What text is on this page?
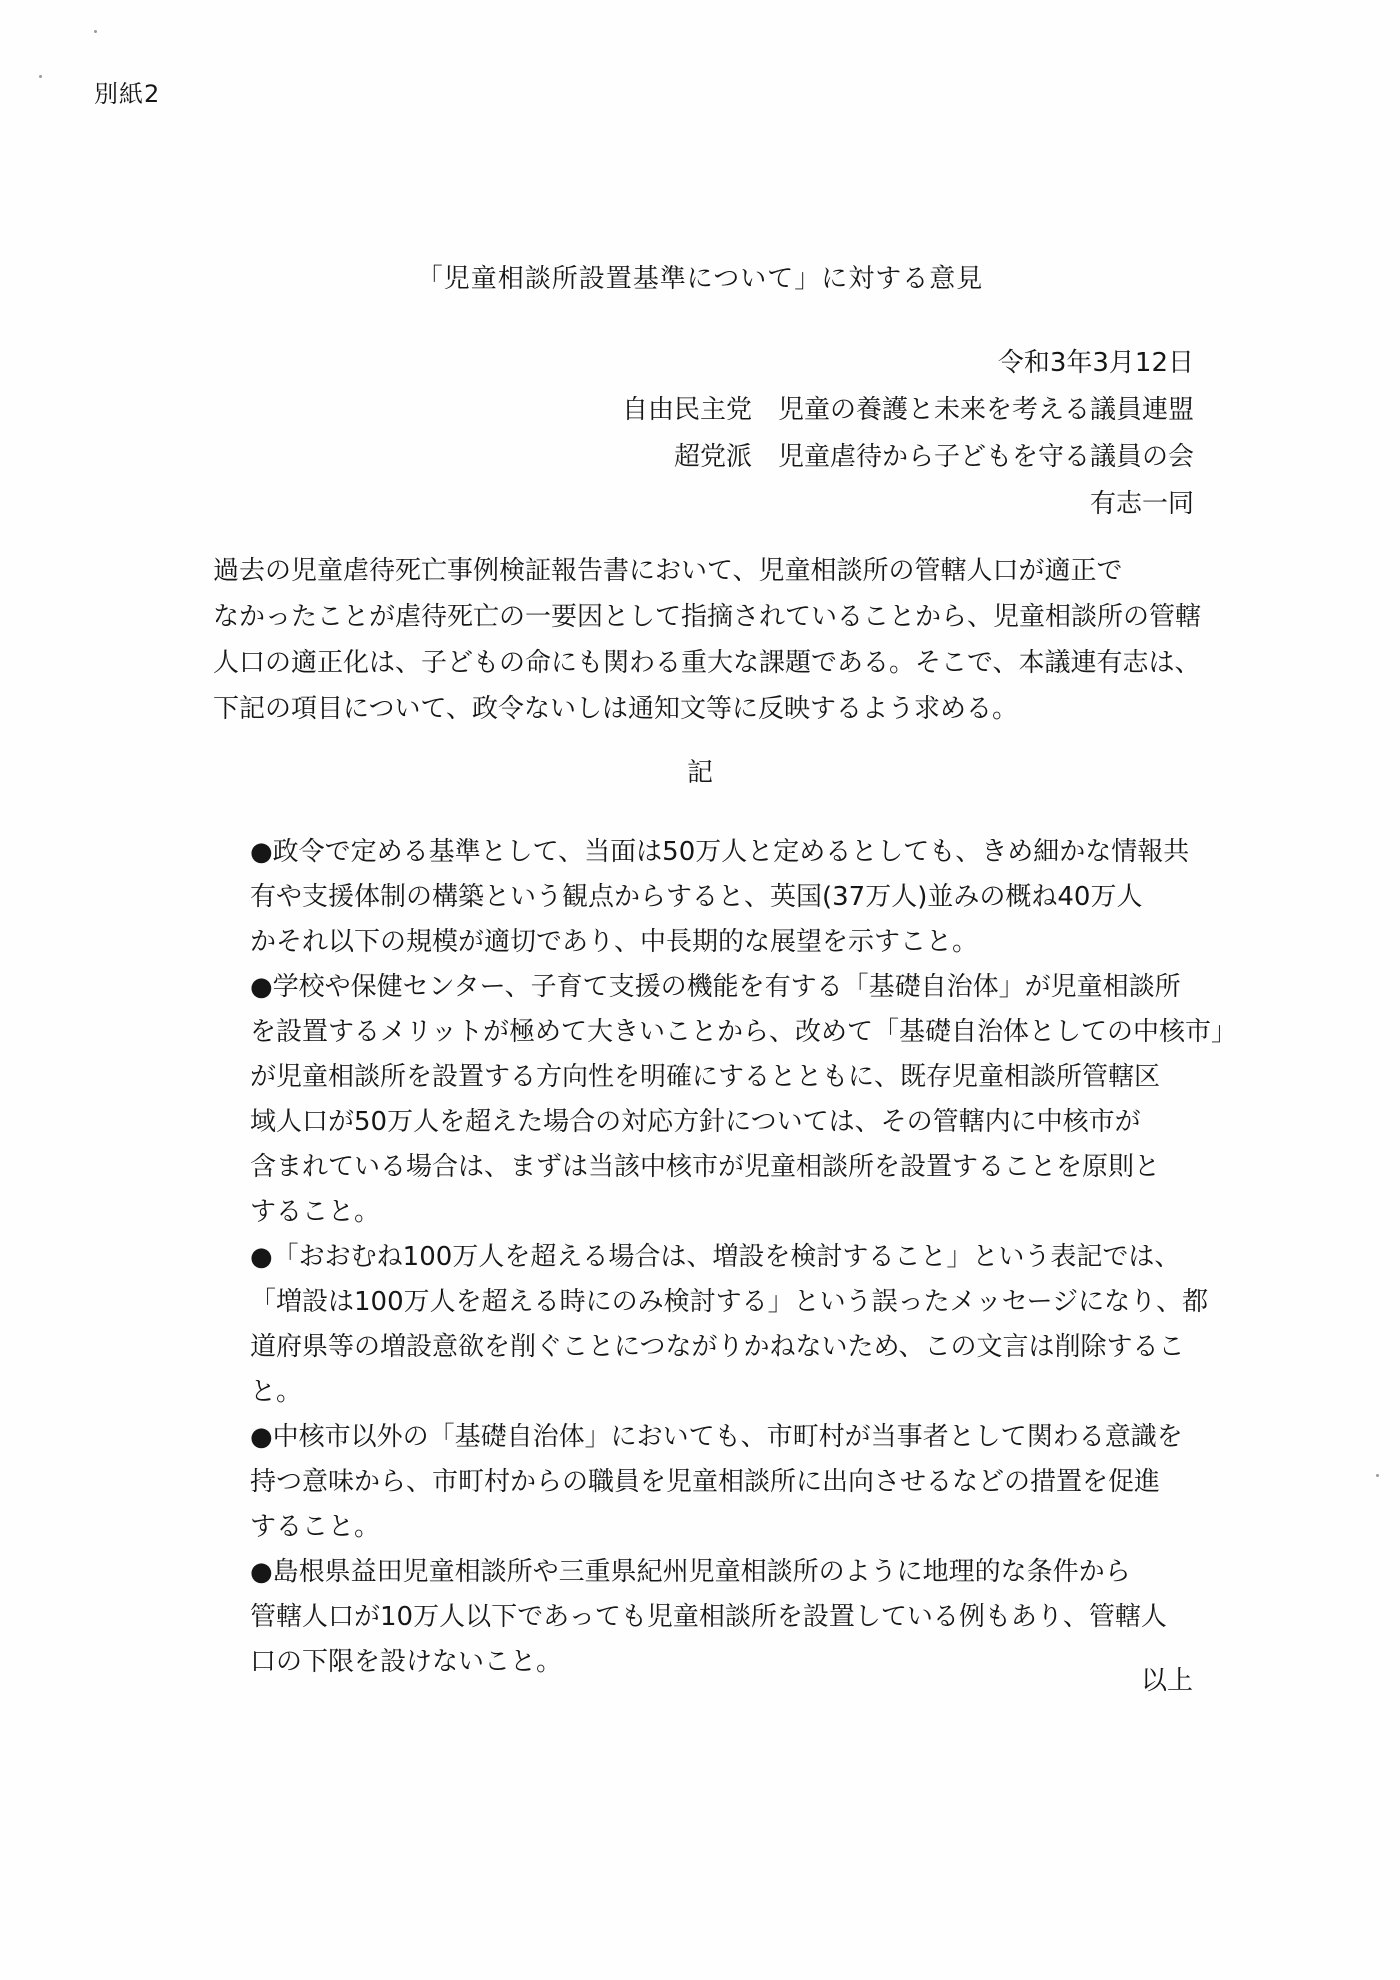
別紙2
「児童相談所設置基準について」に対する意見
令和3年3月12日
自由民主党　児童の養護と未来を考える議員連盟
超党派　児童虐待から子どもを守る議員の会
有志一同
過去の児童虐待死亡事例検証報告書において、児童相談所の管轄人口が適正で
なかったことが虐待死亡の一要因として指摘されていることから、児童相談所の管轄
人口の適正化は、子どもの命にも関わる重大な課題である。そこで、本議連有志は、
下記の項目について、政令ないしは通知文等に反映するよう求める。
記
●政令で定める基準として、当面は50万人と定めるとしても、きめ細かな情報共
有や支援体制の構築という観点からすると、英国(37万人)並みの概ね40万人
かそれ以下の規模が適切であり、中長期的な展望を示すこと。
●学校や保健センター、子育て支援の機能を有する「基礎自治体」が児童相談所
を設置するメリットが極めて大きいことから、改めて「基礎自治体としての中核市」
が児童相談所を設置する方向性を明確にするとともに、既存児童相談所管轄区
域人口が50万人を超えた場合の対応方針については、その管轄内に中核市が
含まれている場合は、まずは当該中核市が児童相談所を設置することを原則と
すること。
●「おおむね100万人を超える場合は、増設を検討すること」という表記では、
「増設は100万人を超える時にのみ検討する」という誤ったメッセージになり、都
道府県等の増設意欲を削ぐことにつながりかねないため、この文言は削除するこ
と。
●中核市以外の「基礎自治体」においても、市町村が当事者として関わる意識を
持つ意味から、市町村からの職員を児童相談所に出向させるなどの措置を促進
すること。
●島根県益田児童相談所や三重県紀州児童相談所のように地理的な条件から
管轄人口が10万人以下であっても児童相談所を設置している例もあり、管轄人
口の下限を設けないこと。
以上
